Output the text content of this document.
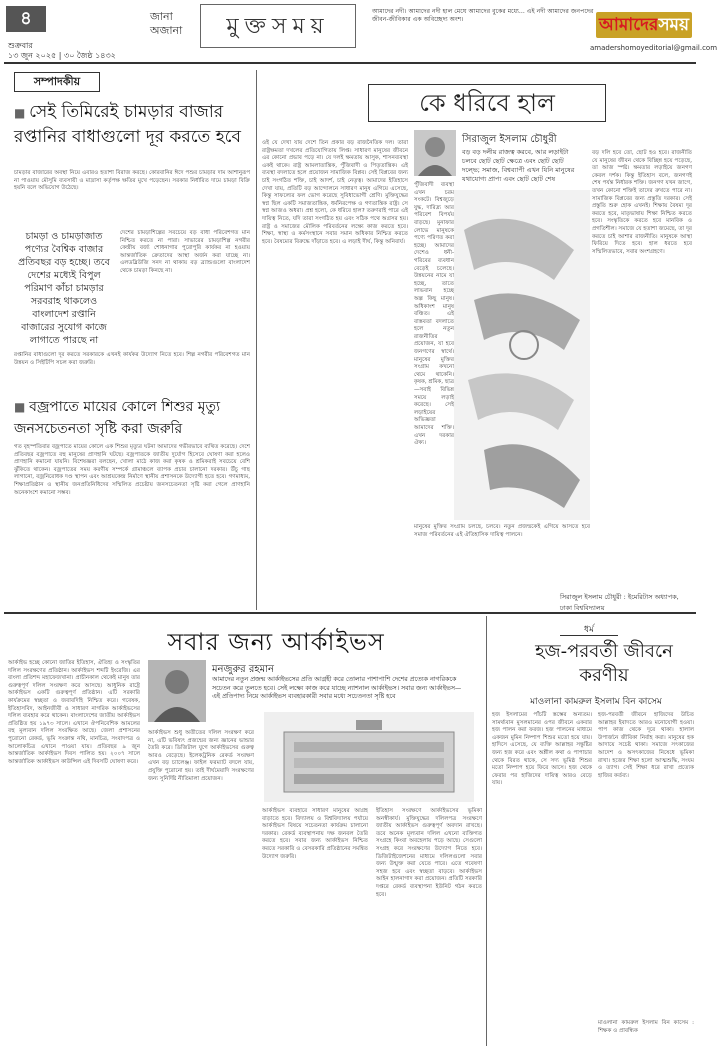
৪
শুক্রবার
১৩ জুন ২০২৫ | ৩০ জৈষ্ঠ ১৪৩২
জানা
অজানা	মুক্তসময়
আমাদের নদী। আমাদের নদী হাল মেঘে আমাদের বুকের মধ্যে... এই নদী আমাদের জনপদের জীবন-জীবিকার এক অবিচ্ছেদ্য অংশ।	আমাদেরসময়
amadershomoyeditorial@gmail.com
সম্পাদকীয়
■ সেই তিমিরেই চামড়ার বাজার রপ্তানির বাধাগুলো দূর করতে হবে
চামড়ার বাজারের অবস্থা নিয়ে এবারও হতাশা বিরাজ করছে। কোরবানির ঈদে পশুর চামড়ার দাম আশানুরূপ না পাওয়ায় মৌসুমি ব্যবসায়ী ও মাদ্রাসা কর্তৃপক্ষ ক্ষতির মুখে পড়েছেন। সরকার নির্ধারিত দামে চামড়া বিক্রি হয়নি বলে অভিযোগ উঠেছে।
চামড়া ও চামড়াজাত পণ্যের বৈশ্বিক বাজার প্রতিবছর বড় হচ্ছে। তবে দেশের মধ্যেই বিপুল পরিমাণ কাঁচা চামড়ার সরবরাহ থাকলেও বাংলাদেশ রপ্তানি বাজারের সুযোগ কাজে লাগাতে পারছে না
দেশের চামড়াশিল্পের সবচেয়ে বড় বাধা পরিবেশগত মান নিশ্চিত করতে না পারা। সাভারের চামড়াশিল্প নগরীর কেন্দ্রীয় বর্জ্য শোধনাগার পুরোপুরি কার্যকর না হওয়ায় আন্তর্জাতিক ক্রেতাদের আস্থা অর্জন করা যাচ্ছে না। এলডব্লিউজি সনদ না থাকায় বড় ব্র্যান্ডগুলো বাংলাদেশ থেকে চামড়া কিনছে না।
রপ্তানির বাধাগুলো দূর করতে সরকারকে এখনই কার্যকর উদ্যোগ নিতে হবে। শিল্প নগরীর পরিবেশগত মান উন্নয়ন ও সিইটিপি সচল করা জরুরি।
■ বজ্রপাতে মায়ের কোলে শিশুর মৃত্যু জনসচেতনতা সৃষ্টি করা জরুরি
গত বৃহস্পতিবার বজ্রপাতে মায়ের কোলে এক শিশুর মৃত্যুর ঘটনা আমাদের গভীরভাবে ব্যথিত করেছে। দেশে প্রতিবছর বজ্রপাতে বহু মানুষের প্রাণহানি ঘটছে। বজ্রপাতকে জাতীয় দুর্যোগ হিসেবে ঘোষণা করা হলেও প্রাণহানি কমানো যায়নি। বিশেষজ্ঞরা বলছেন, খোলা মাঠে কাজ করা কৃষক ও শ্রমিকরাই সবচেয়ে বেশি ঝুঁকিতে থাকেন। বজ্রপাতের সময় করণীয় সম্পর্কে গ্রামাঞ্চলে ব্যাপক প্রচার চালানো দরকার। উঁচু গাছ লাগানো, বজ্রনিরোধক দণ্ড স্থাপন এবং আশ্রয়কেন্দ্র নির্মাণে স্থানীয় প্রশাসনকে উদ্যোগী হতে হবে। গণমাধ্যম, শিক্ষাপ্রতিষ্ঠান ও স্থানীয় জনপ্রতিনিধিদের সম্মিলিত প্রচেষ্টায় জনসচেতনতা সৃষ্টি করা গেলে প্রাণহানি অনেকাংশে কমানো সম্ভব।
কে ধরিবে হাল
সিরাজুল ইসলাম চৌধুরী
বড় বড় দলীয় রাজত্ব করবে, আর লড়াইটা চলবে ছোট ছোট ক্ষেত্রে এবং ছোট ছোট দল্ভে; সমাজ, বিশ্বব্যাপী এখন যিনি মানুষের যথাযোগ্য প্রাপ্য এবং ছোট ছোট শেষ
ওই যে দেখা যায় দেশে তিন প্রকার বড় রাজনৈতিক দল। তারা রাষ্ট্রক্ষমতা দখলের প্রতিযোগিতায় লিপ্ত। সাধারণ মানুষের জীবনে এর কোনো প্রভাব পড়ে না। যে দলই ক্ষমতায় আসুক, শাসনব্যবস্থা একই থাকে। রাষ্ট্র আমলাতান্ত্রিক, পুঁজিবাদী ও পিতৃতান্ত্রিক। এই ব্যবস্থা বদলাতে হলে প্রয়োজন সামাজিক বিপ্লব। সেই বিপ্লবের জন্য চাই সংগঠিত শক্তি, চাই আদর্শ, চাই নেতৃত্ব। আমাদের ইতিহাসে দেখা যায়, প্রতিটি বড় আন্দোলনে সাধারণ মানুষ এগিয়ে এসেছে, কিন্তু সাফল্যের ফল ভোগ করেছে সুবিধাভোগী শ্রেণি। মুক্তিযুদ্ধের স্বপ্ন ছিল একটি সমাজতান্ত্রিক, ধর্মনিরপেক্ষ ও গণতান্ত্রিক রাষ্ট্র। সে স্বপ্ন আজও অধরা। প্রশ্ন হলো, কে ধরিবে হাল? তরুণরাই পারে এই দায়িত্ব নিতে, যদি তারা সংগঠিত হয় এবং সঠিক পথে অগ্রসর হয়। রাষ্ট্র ও সমাজের মৌলিক পরিবর্তনের লক্ষ্যে কাজ করতে হবে। শিক্ষা, স্বাস্থ্য ও কর্মসংস্থানে সবার সমান অধিকার নিশ্চিত করতে হবে। বৈষম্যের বিরুদ্ধে দাঁড়াতে হবে। এ লড়াই দীর্ঘ, কিন্তু অনিবার্য।
পুঁজিবাদী ব্যবস্থা এখন চরম সংকটে। বিশ্বজুড়ে যুদ্ধ, দারিদ্র্য আর পরিবেশ বিপর্যয় বাড়ছে। মুনাফার লোভে মানুষকে পণ্যে পরিণত করা হচ্ছে। আমাদের দেশেও ধনী-গরিবের ব্যবধান বেড়েই চলেছে। উন্নয়নের নামে যা হচ্ছে, তাতে লাভবান হচ্ছে অল্প কিছু মানুষ। অধিকাংশ মানুষ বঞ্চিত। এই বাস্তবতা বদলাতে হলে নতুন রাজনীতির প্রয়োজন, যা হবে জনগণের স্বার্থে। মানুষের মুক্তির সংগ্রাম কখনো থেমে থাকেনি। কৃষক, শ্রমিক, ছাত্র—সবাই বিভিন্ন সময়ে লড়াই করেছে। সেই লড়াইয়ের অভিজ্ঞতা আমাদের শক্তি। এখন দরকার ঐক্য।
বড় দলি হবে তো, ছোট হও হবে। রাজনীতি যে মানুষের জীবন থেকে বিচ্ছিন্ন হয়ে পড়েছে, তা আজ স্পষ্ট। ক্ষমতার লড়াইয়ে জনগণ কেবল দর্শক। কিন্তু ইতিহাস বলে, জনগণই শেষ পর্যন্ত নির্ধারক শক্তি। জনগণ যখন জাগে, তখন কোনো শক্তিই তাদের রুখতে পারে না। সামাজিক বিপ্লবের জন্য প্রস্তুতি দরকার। সেই প্রস্তুতি শুরু হোক এখনই। শিক্ষায় বৈষম্য দূর করতে হবে, মাতৃভাষায় শিক্ষা নিশ্চিত করতে হবে। সংস্কৃতিকে করতে হবে মানবিক ও প্রগতিশীল। সমাজে যে হতাশা জমেছে, তা দূর করতে চাই আশার রাজনীতি। মানুষকে আস্থা ফিরিয়ে দিতে হবে। হাল ধরতে হবে সম্মিলিতভাবে, সবার অংশগ্রহণে।
মানুষের মুক্তির সংগ্রাম চলছে, চলবে। নতুন প্রজন্মকেই এগিয়ে আসতে হবে সমাজ পরিবর্তনের এই ঐতিহাসিক দায়িত্ব পালনে।
সিরাজুল ইসলাম চৌধুরী : ইমেরিটাস অধ্যাপক, ঢাকা বিশ্ববিদ্যালয়
সবার জন্য আর্কাইভস
মনজুরুর রহমান
আমাদের নতুন প্রজন্ম আর্কাইভসের প্রতি আগ্রহী করে তোলার পাশাপাশি দেশের প্রত্যেক নাগরিককে সচেতন করে তুলতে হবে। সেই লক্ষ্যে কাজ করে যাচ্ছে ন্যাশনাল আর্কাইভস। সবার জন্য আর্কাইভস—এই প্রতিপাদ্য নিয়ে আর্কাইভস ব্যবহারকারী সবার মধ্যে সচেতনতা সৃষ্টি হবে
আর্কাইভ হচ্ছে কোনো জাতির ইতিহাস, ঐতিহ্য ও সংস্কৃতির দলিল সংরক্ষণের প্রতিষ্ঠান। আর্কাইভস শব্দটি ইংরেজি। এর বাংলা প্রতিশব্দ মহাফেজখানা। প্রাচীনকাল থেকেই মানুষ তার গুরুত্বপূর্ণ দলিল সংরক্ষণ করে আসছে। আধুনিক রাষ্ট্রে আর্কাইভস একটি গুরুত্বপূর্ণ প্রতিষ্ঠান। এটি সরকারি কার্যক্রমের স্বচ্ছতা ও জবাবদিহি নিশ্চিত করে। গবেষক, ইতিহাসবিদ, আইনজীবী ও সাধারণ নাগরিক আর্কাইভসের দলিল ব্যবহার করে থাকেন। বাংলাদেশের জাতীয় আর্কাইভস প্রতিষ্ঠিত হয় ১৯৭৩ সালে। এখানে ঔপনিবেশিক আমলের বহু মূল্যবান দলিল সংরক্ষিত আছে। জেলা প্রশাসনের পুরোনো রেকর্ড, ভূমি সংক্রান্ত নথি, মানচিত্র, সংবাদপত্র ও আলোকচিত্র এখানে পাওয়া যায়। প্রতিবছর ৯ জুন আন্তর্জাতিক আর্কাইভস দিবস পালিত হয়। ২০০৭ সালে আন্তর্জাতিক আর্কাইভস কাউন্সিল এই দিবসটি ঘোষণা করে।
আর্কাইভস শুধু অতীতের দলিল সংরক্ষণ করে না, এটি ভবিষ্যৎ প্রজন্মের জন্য জ্ঞানের ভান্ডার তৈরি করে। ডিজিটাল যুগে আর্কাইভসের গুরুত্ব আরও বেড়েছে। ইলেকট্রনিক রেকর্ড সংরক্ষণ এখন বড় চ্যালেঞ্জ। ফাইল ফরম্যাট বদলে যায়, প্রযুক্তি পুরোনো হয়। তাই দীর্ঘমেয়াদি সংরক্ষণের জন্য সুনির্দিষ্ট নীতিমালা প্রয়োজন।
আর্কাইভস ব্যবহারে সাধারণ মানুষের আগ্রহ বাড়াতে হবে। বিদ্যালয় ও বিশ্ববিদ্যালয় পর্যায়ে আর্কাইভস বিষয়ে সচেতনতা কার্যক্রম চালানো দরকার। রেকর্ড ব্যবস্থাপনায় দক্ষ জনবল তৈরি করতে হবে। সবার জন্য আর্কাইভস নিশ্চিত করতে সরকারি ও বেসরকারি প্রতিষ্ঠানের সমন্বিত উদ্যোগ জরুরি।
ইতিহাস সংরক্ষণে আর্কাইভসের ভূমিকা অনস্বীকার্য। মুক্তিযুদ্ধের দলিলপত্র সংরক্ষণে জাতীয় আর্কাইভস গুরুত্বপূর্ণ অবদান রাখছে। তবে অনেক মূল্যবান দলিল এখনো ব্যক্তিগত সংগ্রহে কিংবা অবহেলায় পড়ে আছে। সেগুলো সংগ্রহ করে সংরক্ষণের উদ্যোগ নিতে হবে। ডিজিটাইজেশনের মাধ্যমে দলিলগুলো সবার জন্য উন্মুক্ত করা যেতে পারে। এতে গবেষণা সহজ হবে এবং স্বচ্ছতা বাড়বে। আর্কাইভস আইন হালনাগাদ করা প্রয়োজন। প্রতিটি সরকারি দপ্তরে রেকর্ড ব্যবস্থাপনা ইউনিট গঠন করতে হবে।
ধর্ম
হজ-পরবর্তী জীবনে করণীয়
মাওলানা কামরুল ইসলাম বিন কাসেম
হজ ইসলামের পাঁচটি স্তম্ভের অন্যতম। সামর্থ্যবান মুসলমানের ওপর জীবনে একবার হজ পালন করা ফরজ। হজ পালনের মাধ্যমে একজন মুমিন নিষ্পাপ শিশুর মতো হয়ে যায়। হাদিসে এসেছে, যে ব্যক্তি আল্লাহর সন্তুষ্টির জন্য হজ করে এবং অশ্লীল কথা ও পাপাচার থেকে বিরত থাকে, সে সদ্য ভূমিষ্ঠ শিশুর মতো নিষ্পাপ হয়ে ফিরে আসে। হজ থেকে ফেরার পর হাজিদের দায়িত্ব আরও বেড়ে যায়।
হজ-পরবর্তী জীবনে হাজিদের উচিত আল্লাহর ইবাদতে আরও মনোযোগী হওয়া। পাপ কাজ থেকে দূরে থাকা। হালাল উপার্জনে জীবিকা নির্বাহ করা। মানুষের হক আদায়ে সচেষ্ট থাকা। সমাজে সৎকাজের আদেশ ও অসৎকাজের নিষেধে ভূমিকা রাখা। হজের শিক্ষা হলো আত্মশুদ্ধি, সংযম ও ত্যাগ। সেই শিক্ষা ধরে রাখা প্রত্যেক হাজির কর্তব্য।
মাওলানা কামরুল ইসলাম বিন কাসেম : শিক্ষক ও প্রাবন্ধিক
